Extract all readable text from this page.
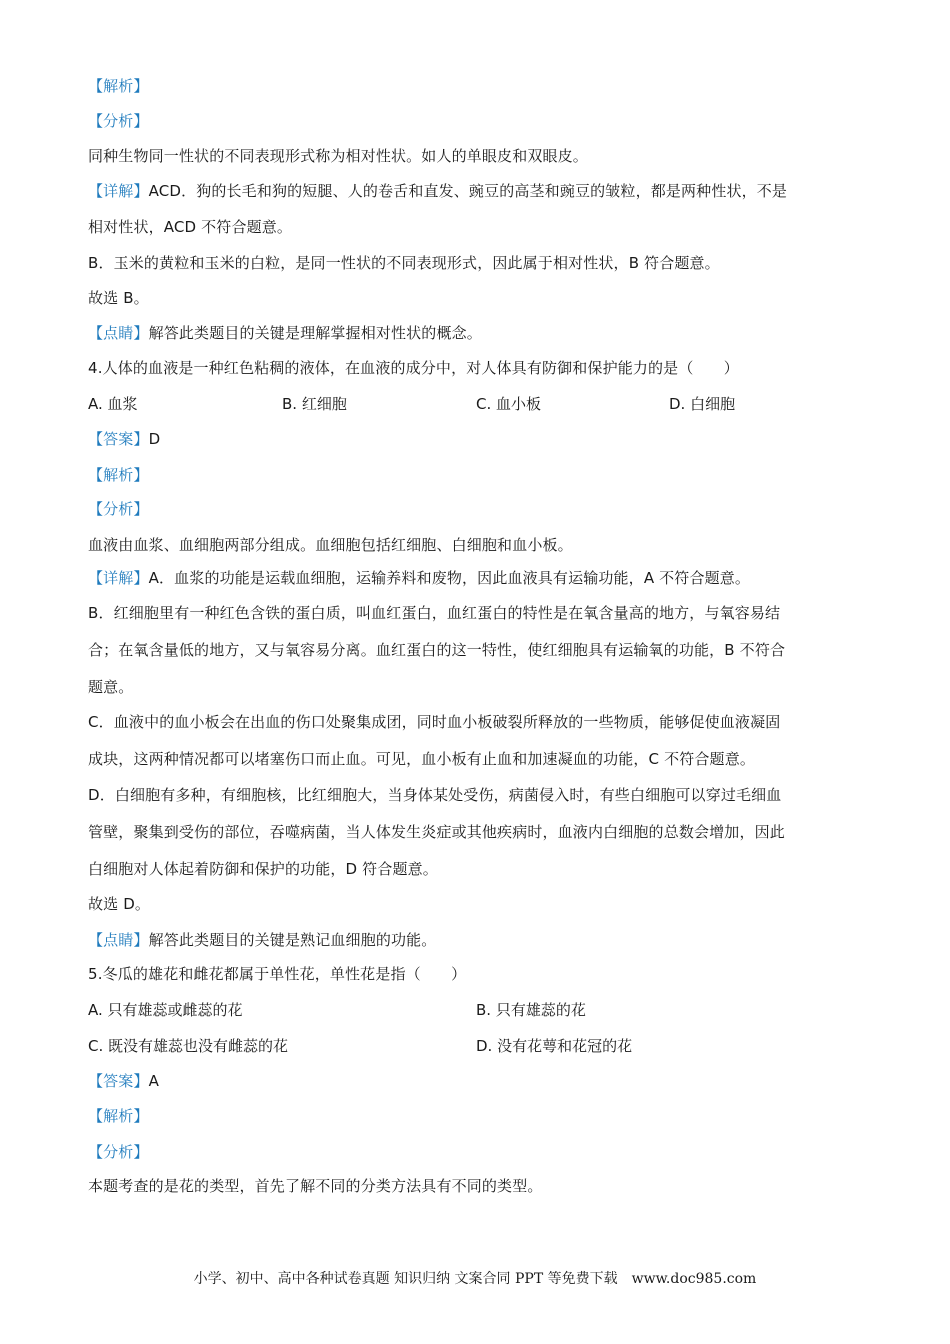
【解析】
【分析】
同种生物同一性状的不同表现形式称为相对性状。如人的单眼皮和双眼皮。
【详解】ACD．狗的长毛和狗的短腿、人的卷舌和直发、豌豆的高茎和豌豆的皱粒，都是两种性状，不是
相对性状，ACD 不符合题意。
B．玉米的黄粒和玉米的白粒，是同一性状的不同表现形式，因此属于相对性状，B 符合题意。
故选 B。
【点睛】解答此类题目的关键是理解掌握相对性状的概念。
4.人体的血液是一种红色粘稠的液体，在血液的成分中，对人体具有防御和保护能力的是（　　）
A. 血浆	B. 红细胞	C. 血小板	D. 白细胞
【答案】D
【解析】
【分析】
血液由血浆、血细胞两部分组成。血细胞包括红细胞、白细胞和血小板。
【详解】A．血浆的功能是运载血细胞，运输养料和废物，因此血液具有运输功能，A 不符合题意。
B．红细胞里有一种红色含铁的蛋白质，叫血红蛋白，血红蛋白的特性是在氧含量高的地方，与氧容易结
合；在氧含量低的地方，又与氧容易分离。血红蛋白的这一特性，使红细胞具有运输氧的功能，B 不符合
题意。
C．血液中的血小板会在出血的伤口处聚集成团，同时血小板破裂所释放的一些物质，能够促使血液凝固
成块，这两种情况都可以堵塞伤口而止血。可见，血小板有止血和加速凝血的功能，C 不符合题意。
D．白细胞有多种，有细胞核，比红细胞大，当身体某处受伤，病菌侵入时，有些白细胞可以穿过毛细血
管壁，聚集到受伤的部位，吞噬病菌，当人体发生炎症或其他疾病时，血液内白细胞的总数会增加，因此
白细胞对人体起着防御和保护的功能，D 符合题意。
故选 D。
【点睛】解答此类题目的关键是熟记血细胞的功能。
5.冬瓜的雄花和雌花都属于单性花，单性花是指（　　）
A. 只有雄蕊或雌蕊的花	B. 只有雄蕊的花
C. 既没有雄蕊也没有雌蕊的花	D. 没有花萼和花冠的花
【答案】A
【解析】
【分析】
本题考查的是花的类型，首先了解不同的分类方法具有不同的类型。
小学、初中、高中各种试卷真题 知识归纳 文案合同 PPT 等免费下载　www.doc985.com
